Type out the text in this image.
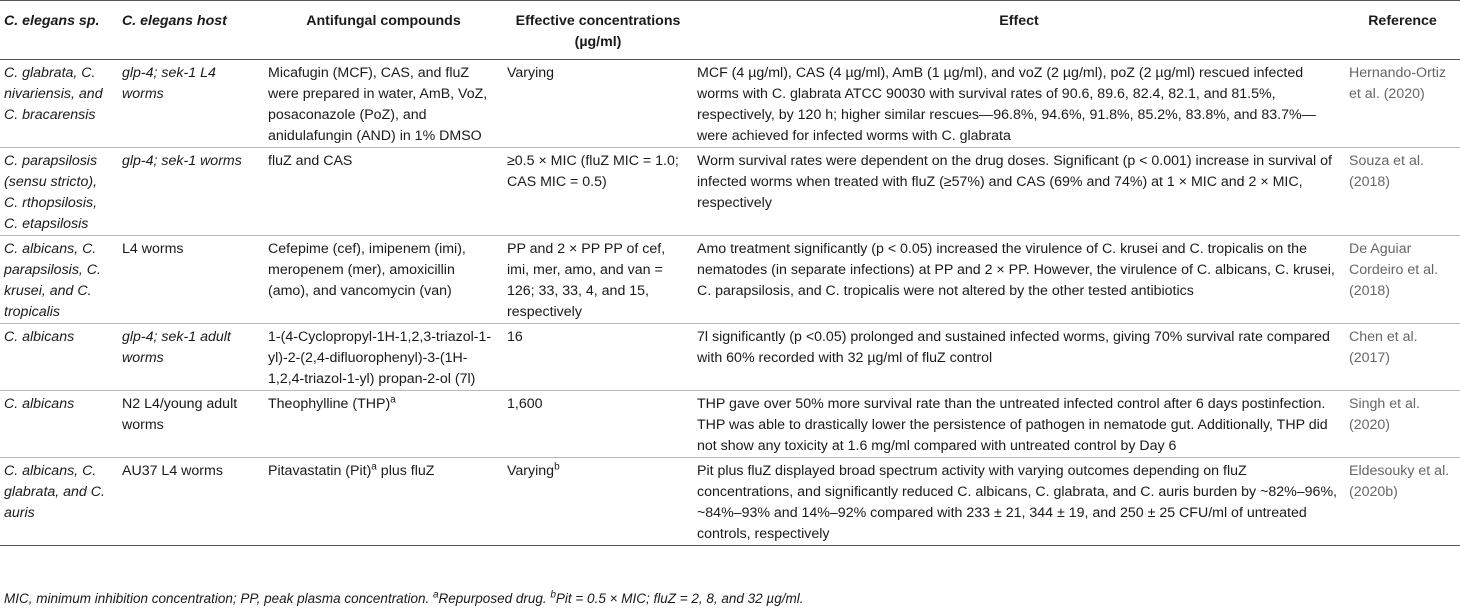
C. elegans sp.	C. elegans host	Antifungal compounds	Effective concentrations (µg/ml)	Effect	Reference
C. glabrata, C. nivariensis, and C. bracarensis	glp-4; sek-1 L4 worms	Micafugin (MCF), CAS, and fluZ were prepared in water, AmB, VoZ, posaconazole (PoZ), and anidulafungin (AND) in 1% DMSO	Varying	MCF (4 µg/ml), CAS (4 µg/ml), AmB (1 µg/ml), and voZ (2 µg/ml), poZ (2 µg/ml) rescued infected worms with C. glabrata ATCC 90030 with survival rates of 90.6, 89.6, 82.4, 82.1, and 81.5%, respectively, by 120 h; higher similar rescues—96.8%, 94.6%, 91.8%, 85.2%, 83.8%, and 83.7%—were achieved for infected worms with C. glabrata	Hernando-Ortiz et al. (2020)
C. parapsilosis (sensu stricto), C. rthopsilosis, C. etapsilosis	glp-4; sek-1 worms	fluZ and CAS	≥0.5 × MIC (fluZ MIC = 1.0; CAS MIC = 0.5)	Worm survival rates were dependent on the drug doses. Significant (p < 0.001) increase in survival of infected worms when treated with fluZ (≥57%) and CAS (69% and 74%) at 1 × MIC and 2 × MIC, respectively	Souza et al. (2018)
C. albicans, C. parapsilosis, C. krusei, and C. tropicalis	L4 worms	Cefepime (cef), imipenem (imi), meropenem (mer), amoxicillin (amo), and vancomycin (van)	PP and 2 × PP PP of cef, imi, mer, amo, and van = 126; 33, 33, 4, and 15, respectively	Amo treatment significantly (p < 0.05) increased the virulence of C. krusei and C. tropicalis on the nematodes (in separate infections) at PP and 2 × PP. However, the virulence of C. albicans, C. krusei, C. parapsilosis, and C. tropicalis were not altered by the other tested antibiotics	De Aguiar Cordeiro et al. (2018)
C. albicans	glp-4; sek-1 adult worms	1-(4-Cyclopropyl-1H-1,2,3-triazol-1-yl)-2-(2,4-difluorophenyl)-3-(1H-1,2,4-triazol-1-yl) propan-2-ol (7l)	16	7l significantly (p <0.05) prolonged and sustained infected worms, giving 70% survival rate compared with 60% recorded with 32 µg/ml of fluZ control	Chen et al. (2017)
C. albicans	N2 L4/young adult worms	Theophylline (THP)$^a$	1,600	THP gave over 50% more survival rate than the untreated infected control after 6 days postinfection. THP was able to drastically lower the persistence of pathogen in nematode gut. Additionally, THP did not show any toxicity at 1.6 mg/ml compared with untreated control by Day 6	Singh et al. (2020)
C. albicans, C. glabrata, and C. auris	AU37 L4 worms	Pitavastatin (Pit)$^a$ plus fluZ	Varying$^b$	Pit plus fluZ displayed broad spectrum activity with varying outcomes depending on fluZ concentrations, and significantly reduced C. albicans, C. glabrata, and C. auris burden by ~82%–96%, ~84%–93% and 14%–92% compared with 233 ± 21, 344 ± 19, and 250 ± 25 CFU/ml of untreated controls, respectively	Eldesouky et al. (2020b)
MIC, minimum inhibition concentration; PP, peak plasma concentration. $^a$Repurposed drug. $^b$Pit = 0.5 × MIC; fluZ = 2, 8, and 32 µg/ml.
